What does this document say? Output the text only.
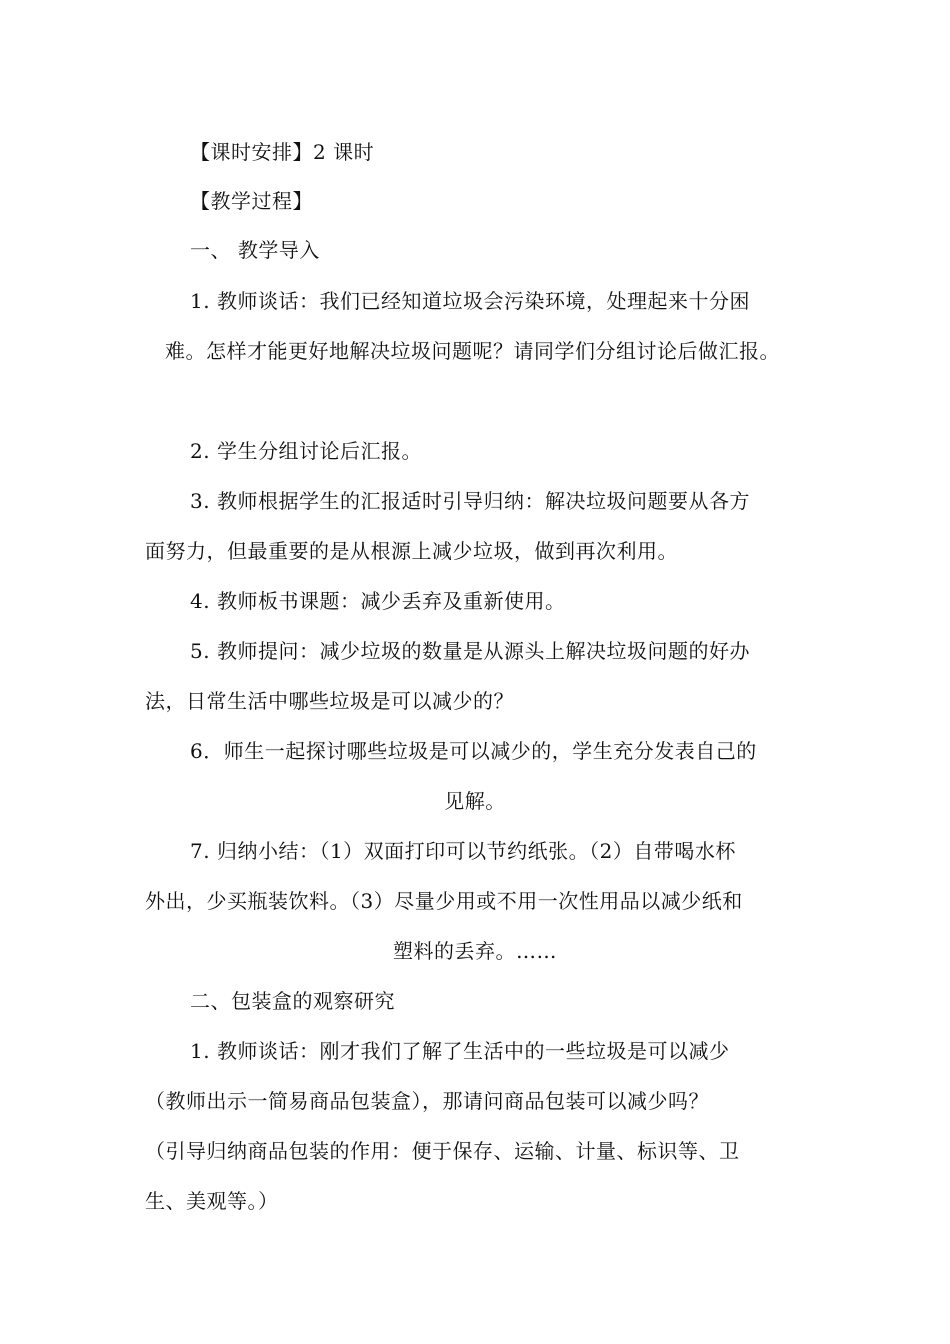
【课时安排】2 课时
【教学过程】
一、 教学导入
1. 教师谈话：我们已经知道垃圾会污染环境，处理起来十分困
难。怎样才能更好地解决垃圾问题呢？请同学们分组讨论后做汇报。
2. 学生分组讨论后汇报。
3. 教师根据学生的汇报适时引导归纳：解决垃圾问题要从各方
面努力，但最重要的是从根源上减少垃圾，做到再次利用。
4. 教师板书课题：减少丢弃及重新使用。
5. 教师提问：减少垃圾的数量是从源头上解决垃圾问题的好办
法，日常生活中哪些垃圾是可以减少的？
6．师生一起探讨哪些垃圾是可以减少的，学生充分发表自己的
见解。
7. 归纳小结：（1）双面打印可以节约纸张。（2）自带喝水杯
外出，少买瓶装饮料。（3）尽量少用或不用一次性用品以减少纸和
塑料的丢弃。……
二、包装盒的观察研究
1. 教师谈话：刚才我们了解了生活中的一些垃圾是可以减少
（教师出示一简易商品包装盒），那请问商品包装可以减少吗？
（引导归纳商品包装的作用：便于保存、运输、计量、标识等、卫
生、美观等。）
